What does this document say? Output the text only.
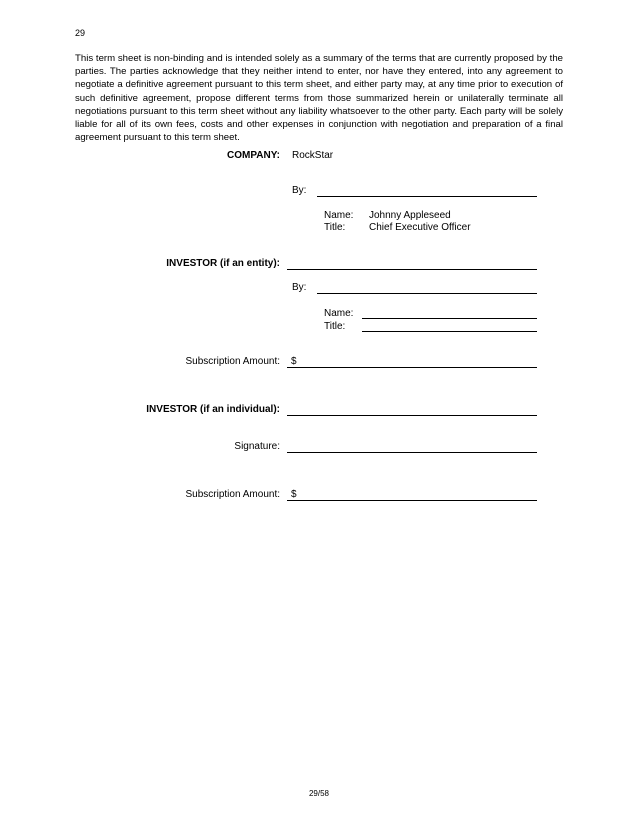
29
This term sheet is non-binding and is intended solely as a summary of the terms that are currently proposed by the parties. The parties acknowledge that they neither intend to enter, nor have they entered, into any agreement to negotiate a definitive agreement pursuant to this term sheet, and either party may, at any time prior to execution of such definitive agreement, propose different terms from those summarized herein or unilaterally terminate all negotiations pursuant to this term sheet without any liability whatsoever to the other party. Each party will be solely liable for all of its own fees, costs and other expenses in conjunction with negotiation and preparation of a final agreement pursuant to this term sheet.
COMPANY: RockStar
By:
Name: Johnny Appleseed
Title: Chief Executive Officer
INVESTOR (if an entity):
By:
Name:
Title:
Subscription Amount: $
INVESTOR (if an individual):
Signature:
Subscription Amount: $
29/58
